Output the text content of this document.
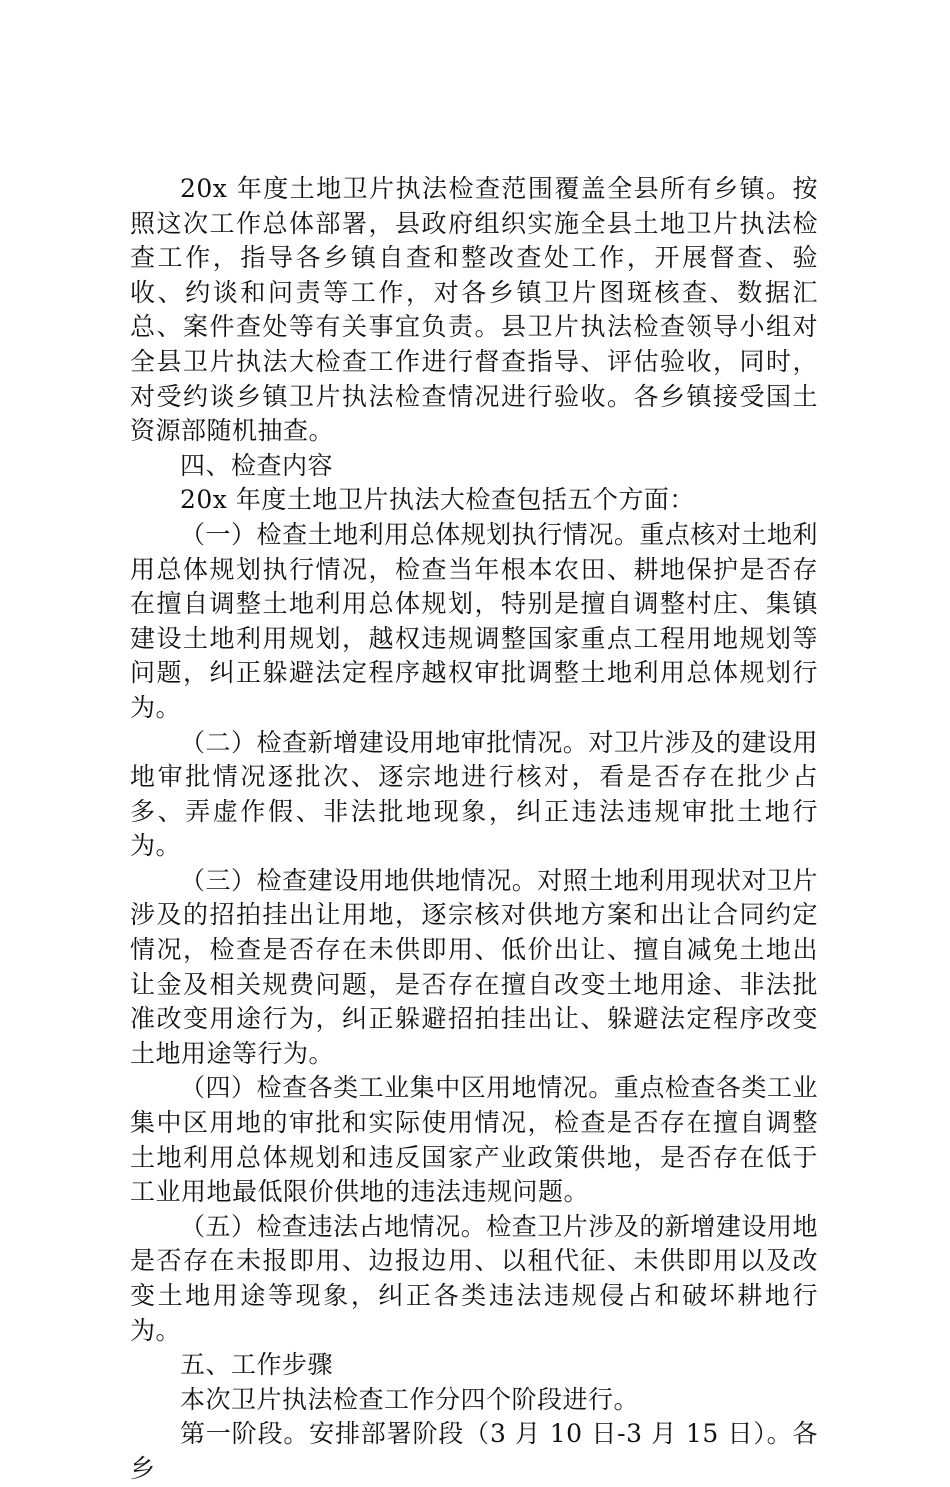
20x 年度土地卫片执法检查范围覆盖全县所有乡镇。按照这次工作总体部署，县政府组织实施全县土地卫片执法检查工作，指导各乡镇自查和整改查处工作，开展督查、验收、约谈和问责等工作，对各乡镇卫片图斑核查、数据汇总、案件查处等有关事宜负责。县卫片执法检查领导小组对全县卫片执法大检查工作进行督查指导、评估验收，同时，对受约谈乡镇卫片执法检查情况进行验收。各乡镇接受国土资源部随机抽查。

四、检查内容

20x 年度土地卫片执法大检查包括五个方面：

（一）检查土地利用总体规划执行情况。重点核对土地利用总体规划执行情况，检查当年根本农田、耕地保护是否存在擅自调整土地利用总体规划，特别是擅自调整村庄、集镇建设土地利用规划，越权违规调整国家重点工程用地规划等问题，纠正躲避法定程序越权审批调整土地利用总体规划行为。

（二）检查新增建设用地审批情况。对卫片涉及的建设用地审批情况逐批次、逐宗地进行核对，看是否存在批少占多、弄虚作假、非法批地现象，纠正违法违规审批土地行为。

（三）检查建设用地供地情况。对照土地利用现状对卫片涉及的招拍挂出让用地，逐宗核对供地方案和出让合同约定情况，检查是否存在未供即用、低价出让、擅自减免土地出让金及相关规费问题，是否存在擅自改变土地用途、非法批准改变用途行为，纠正躲避招拍挂出让、躲避法定程序改变土地用途等行为。

（四）检查各类工业集中区用地情况。重点检查各类工业集中区用地的审批和实际使用情况，检查是否存在擅自调整土地利用总体规划和违反国家产业政策供地，是否存在低于工业用地最低限价供地的违法违规问题。

（五）检查违法占地情况。检查卫片涉及的新增建设用地是否存在未报即用、边报边用、以租代征、未供即用以及改变土地用途等现象，纠正各类违法违规侵占和破坏耕地行为。

五、工作步骤

本次卫片执法检查工作分四个阶段进行。

第一阶段。安排部署阶段（3 月 10 日-3 月 15 日）。各乡
